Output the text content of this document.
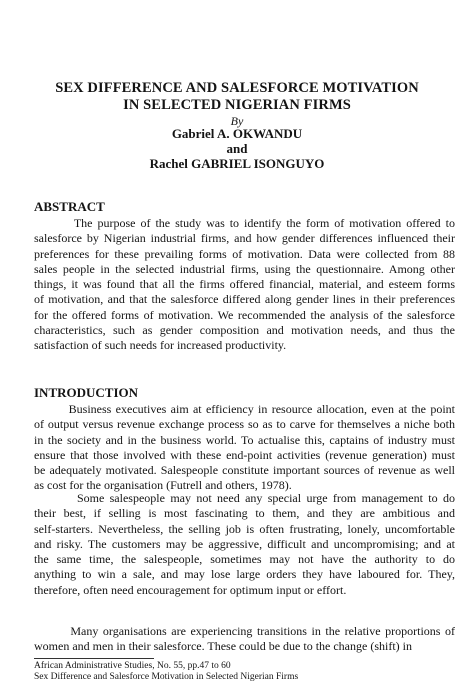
SEX DIFFERENCE AND SALESFORCE MOTIVATION
IN SELECTED NIGERIAN FIRMS
By
Gabriel A. OKWANDU
and
Rachel GABRIEL ISONGUYO
ABSTRACT
The purpose of the study was to identify the form of motivation offered to
salesforce by Nigerian industrial firms, and how gender differences influenced their
preferences for these prevailing forms of motivation. Data were collected from 88
sales people in the selected industrial firms, using the questionnaire. Among other
things, it was found that all the firms offered financial, material, and esteem forms
of motivation, and that the salesforce differed along gender lines in their preferences
for the offered forms of motivation. We recommended the analysis of the salesforce
characteristics, such as gender composition and motivation needs, and thus the
satisfaction of such needs for increased productivity.
INTRODUCTION
Business executives aim at efficiency in resource allocation, even at the point
of output versus revenue exchange process so as to carve for themselves a niche both
in the society and in the business world. To actualise this, captains of industry must
ensure that those involved with these end-point activities (revenue generation) must
be adequately motivated. Salespeople constitute important sources of revenue as well
as cost for the organisation (Futrell and others, 1978).
Some salespeople may not need any special urge from management to do
their best, if selling is most fascinating to them, and they are ambitious and
self-starters. Nevertheless, the selling job is often frustrating, lonely, uncomfortable
and risky. The customers may be aggressive, difficult and uncompromising; and at
the same time, the salespeople, sometimes may not have the authority to do
anything to win a sale, and may lose large orders they have laboured for. They,
therefore, often need encouragement for optimum input or effort.
Many organisations are experiencing transitions in the relative proportions of
women and men in their salesforce. These could be due to the change (shift) in
African Administrative Studies, No. 55, pp.47 to 60
Sex Difference and Salesforce Motivation in Selected Nigerian Firms
